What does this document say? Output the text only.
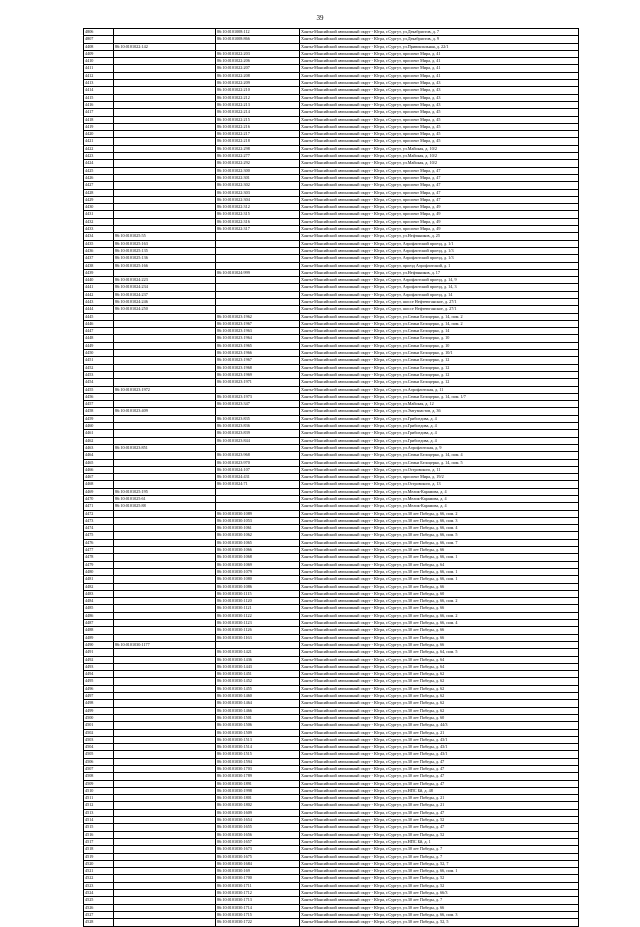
39
4806		86:10:0101008:112	Ханты-Мансийский автономный округ - Югра, г.Сургут, ул.Декабристов, д. 7
4807		86:10:0101008:866	Ханты-Мансийский автономный округ - Югра, г.Сургут, ул.Декабристов, д. 9
4408	86:10:0101022:142		Ханты-Мансийский автономный округ - Югра, г.Сургут, ул.Привокзальная, д. 22/1
4409		86:10:0101022:203	Ханты-Мансийский автономный округ - Югра, г.Сургут, проспект Мира, д. 41
4410		86:10:0101022:206	Ханты-Мансийский автономный округ - Югра, г.Сургут, проспект Мира, д. 41
4411		86:10:0101022:207	Ханты-Мансийский автономный округ - Югра, г.Сургут, проспект Мира, д. 41
4412		86:10:0101022:208	Ханты-Мансийский автономный округ - Югра, г.Сургут, проспект Мира, д. 41
4413		86:10:0101022:209	Ханты-Мансийский автономный округ - Югра, г.Сургут, проспект Мира, д. 43
4414		86:10:0101022:210	Ханты-Мансийский автономный округ - Югра, г.Сургут, проспект Мира, д. 43
4415		86:10:0101022:212	Ханты-Мансийский автономный округ - Югра, г.Сургут, проспект Мира, д. 43
4416		86:10:0101022:213	Ханты-Мансийский автономный округ - Югра, г.Сургут, проспект Мира, д. 43
4417		86:10:0101022:214	Ханты-Мансийский автономный округ - Югра, г.Сургут, проспект Мира, д. 45
4418		86:10:0101022:215	Ханты-Мансийский автономный округ - Югра, г.Сургут, проспект Мира, д. 45
4419		86:10:0101022:216	Ханты-Мансийский автономный округ - Югра, г.Сургут, проспект Мира, д. 45
4420		86:10:0101022:217	Ханты-Мансийский автономный округ - Югра, г.Сургут, проспект Мира, д. 45
4421		86:10:0101022:218	Ханты-Мансийский автономный округ - Югра, г.Сургут, проспект Мира, д. 45
4422		86:10:0101022:298	Ханты-Мансийский автономный округ - Югра, г.Сургут, ул.Майская, д. 10/2
4423		86:10:0101022:277	Ханты-Мансийский автономный округ - Югра, г.Сургут, ул.Майская, д. 10/2
4424		86:10:0101022:292	Ханты-Мансийский автономный округ - Югра, г.Сургут, ул.Майская, д. 10/2
4425		86:10:0101022:300	Ханты-Мансийский автономный округ - Югра, г.Сургут, проспект Мира, д. 47
4426		86:10:0101022:301	Ханты-Мансийский автономный округ - Югра, г.Сургут, проспект Мира, д. 47
4427		86:10:0101022:302	Ханты-Мансийский автономный округ - Югра, г.Сургут, проспект Мира, д. 47
4428		86:10:0101022:303	Ханты-Мансийский автономный округ - Югра, г.Сургут, проспект Мира, д. 47
4429		86:10:0101022:304	Ханты-Мансийский автономный округ - Югра, г.Сургут, проспект Мира, д. 47
4430		86:10:0101022:312	Ханты-Мансийский автономный округ - Югра, г.Сургут, проспект Мира, д. 49
4431		86:10:0101022:315	Ханты-Мансийский автономный округ - Югра, г.Сургут, проспект Мира, д. 49
4432		86:10:0101022:316	Ханты-Мансийский автономный округ - Югра, г.Сургут, проспект Мира, д. 49
4433		86:10:0101022:317	Ханты-Мансийский автономный округ - Югра, г.Сургут, проспект Мира, д. 49
4434	86:10:0101025:55		Ханты-Мансийский автономный округ - Югра, г.Сургут, ул.Нефтяников, д. 25
4435	86:10:0101025:163		Ханты-Мансийский автономный округ - Югра, г.Сургут, Аэрофлотский проезд, д. 1/1
4436	86:10:0101025:135		Ханты-Мансийский автономный округ - Югра, г.Сургут, Аэрофлотский проезд, д. 1/3
4437	86:10:0101025:136		Ханты-Мансийский автономный округ - Югра, г.Сургут, Аэрофлотский проезд, д. 1/3
4438	86:10:0101025:166		Ханты-Мансийский автономный округ - Югра, г.Сургут, проезд Аэрофлотский, д. 1
4439		86:10:0101024:999	Ханты-Мансийский автономный округ - Югра, г.Сургут, ул.Нефтяников, д. 17
4440	86:10:0101024:223		Ханты-Мансийский автономный округ - Югра, г.Сургут, Аэрофлотский проезд, д. 14, 9
4441	86:10:0101024:234		Ханты-Мансийский автономный округ - Югра, г.Сургут, Аэрофлотский проезд, д. 14, 3
4442	86:10:0101024:237		Ханты-Мансийский автономный округ - Югра, г.Сургут, Аэрофлотский проезд, д. 14
4443	86:10:0101024:246		Ханты-Мансийский автономный округ - Югра, г.Сургут, шоссе Нефтеюганское, д. 27/1
4444	86:10:0101024:250		Ханты-Мансийский автономный округ - Югра, г.Сургут, шоссе Нефтеюганское, д. 27/1
4445		86:10:0101023:1962	Ханты-Мансийский автономный округ - Югра, г.Сургут, ул.Семьи Белоцерко, д. 14, пом. 2
4446		86:10:0101023:1967	Ханты-Мансийский автономный округ - Югра, г.Сургут, ул.Семьи Белоцерко, д. 14, пом. 2
4447		86:10:0101023:1963	Ханты-Мансийский автономный округ - Югра, г.Сургут, ул.Семьи Белоцерко, д. 14
4448		86:10:0101023:1964	Ханты-Мансийский автономный округ - Югра, г.Сургут, ул.Семьи Белоцерко, д. 10
4449		86:10:0101023:1965	Ханты-Мансийский автономный округ - Югра, г.Сургут, ул.Семьи Белоцерко, д. 10
4450		86:10:0101023:1966	Ханты-Мансийский автономный округ - Югра, г.Сургут, ул.Семьи Белоцерко, д. 10/1
4451		86:10:0101023:1967	Ханты-Мансийский автономный округ - Югра, г.Сургут, ул.Семьи Белоцерко, д. 12
4452		86:10:0101023:1968	Ханты-Мансийский автономный округ - Югра, г.Сургут, ул.Семьи Белоцерко, д. 12
4453		86:10:0101023:1969	Ханты-Мансийский автономный округ - Югра, г.Сургут, ул.Семьи Белоцерко, д. 12
4454		86:10:0101023:1971	Ханты-Мансийский автономный округ - Югра, г.Сургут, ул.Семьи Белоцерко, д. 12
4455	86:10:0101023:1972		Ханты-Мансийский автономный округ - Югра, г.Сургут, ул.Аэрофлотская, д. 11
4456		86:10:0101023:1973	Ханты-Мансийский автономный округ - Югра, г.Сургут, ул.Семьи Белоцерко, д. 14, пом. 1/7
4457		86:10:0101023:347	Ханты-Мансийский автономный округ - Югра, г.Сургут, ул.Майская, д. 12
4458	86:10:0101023:409		Ханты-Мансийский автономный округ - Югра, г.Сургут, ул.Энтузиастов, д. 36
4459		86:10:0101023:835	Ханты-Мансийский автономный округ - Югра, г.Сургут, ул.Грибоедова, д. 4
4460		86:10:0101023:836	Ханты-Мансийский автономный округ - Югра, г.Сургут, ул.Грибоедова, д. 4
4461		86:10:0101023:839	Ханты-Мансийский автономный округ - Югра, г.Сургут, ул.Грибоедова, д. 4
4462		86:10:0101023:844	Ханты-Мансийский автономный округ - Югра, г.Сургут, ул.Грибоедова, д. 4
4463	86:10:0101023:851		Ханты-Мансийский автономный округ - Югра, г.Сургут, ул.Аэрофлотская, д. 9
4464		86:10:0101023:968	Ханты-Мансийский автономный округ - Югра, г.Сургут, ул.Семьи Белоцерко, д. 14, пом. 4
4465		86:10:0101023:970	Ханты-Мансийский автономный округ - Югра, г.Сургут, ул.Семьи Белоцерко, д. 14, пом. 5
4466		86:10:0101024:107	Ханты-Мансийский автономный округ - Югра, г.Сургут, ул.Островского, д. 11
4467		86:10:0101024:431	Ханты-Мансийский автономный округ - Югра, г.Сургут, проспект Мира, д. 19/2
4468		86:10:0101024:71	Ханты-Мансийский автономный округ - Югра, г.Сургут, ул.Островского, д. 13
4469	86:10:0101025:195		Ханты-Мансийский автономный округ - Югра, г.Сургут, ул.Мелик-Карамова, д. 4
4470	86:10:0101025:61		Ханты-Мансийский автономный округ - Югра, г.Сургут, ул.Мелик-Карамова, д. 4
4471	86:10:0101025:88		Ханты-Мансийский автономный округ - Югра, г.Сургут, ул.Мелик-Карамова, д. 4
4472		86:10:0101030:1089	Ханты-Мансийский автономный округ - Югра, г.Сургут, ул.30 лет Победы, д. 66, пом. 2
4473		86:10:0101030:1053	Ханты-Мансийский автономный округ - Югра, г.Сургут, ул.30 лет Победы, д. 66, пом. 3
4474		86:10:0101030:1061	Ханты-Мансийский автономный округ - Югра, г.Сургут, ул.30 лет Победы, д. 66, пом. 4
4475		86:10:0101030:1062	Ханты-Мансийский автономный округ - Югра, г.Сургут, ул.30 лет Победы, д. 66, пом. 5
4476		86:10:0101030:1065	Ханты-Мансийский автономный округ - Югра, г.Сургут, ул.30 лет Победы, д. 66, пом. 7
4477		86:10:0101030:1066	Ханты-Мансийский автономный округ - Югра, г.Сургут, ул.30 лет Победы, д. 66
4478		86:10:0101030:1068	Ханты-Мансийский автономный округ - Югра, г.Сургут, ул.30 лет Победы, д. 66, пом. 1
4479		86:10:0101030:1069	Ханты-Мансийский автономный округ - Югра, г.Сургут, ул.30 лет Победы, д. 64
4480		86:10:0101030:1079	Ханты-Мансийский автономный округ - Югра, г.Сургут, ул.30 лет Победы, д. 66, пом. 1
4481		86:10:0101030:1080	Ханты-Мансийский автономный округ - Югра, г.Сургут, ул.30 лет Победы, д. 66, пом. 1
4482		86:10:0101030:1086	Ханты-Мансийский автономный округ - Югра, г.Сургут, ул.30 лет Победы, д. 66
4483		86:10:0101030:1115	Ханты-Мансийский автономный округ - Югра, г.Сургут, ул.30 лет Победы, д. 60
4484		86:10:0101030:1120	Ханты-Мансийский автономный округ - Югра, г.Сургут, ул.30 лет Победы, д. 66, пом. 2
4485		86:10:0101030:1121	Ханты-Мансийский автономный округ - Югра, г.Сургут, ул.30 лет Победы, д. 66
4486		86:10:0101030:1122	Ханты-Мансийский автономный округ - Югра, г.Сургут, ул.30 лет Победы, д. 66, пом. 2
4487		86:10:0101030:1123	Ханты-Мансийский автономный округ - Югра, г.Сургут, ул.30 лет Победы, д. 66, пом. 4
4488		86:10:0101030:1126	Ханты-Мансийский автономный округ - Югра, г.Сургут, ул.30 лет Победы, д. 66
4489		86:10:0101030:1163	Ханты-Мансийский автономный округ - Югра, г.Сургут, ул.30 лет Победы, д. 66
4490	86:10:0101030:1177		Ханты-Мансийский автономный округ - Югра, г.Сургут, ул.30 лет Победы, д. 66
4491		86:10:0101030:1421	Ханты-Мансийский автономный округ - Югра, г.Сургут, ул.30 лет Победы, д. 64, пом. 5
4492		86:10:0101030:1436	Ханты-Мансийский автономный округ - Югра, г.Сургут, ул.30 лет Победы, д. 64
4493		86:10:0101030:1443	Ханты-Мансийский автономный округ - Югра, г.Сургут, ул.30 лет Победы, д. 64
4494		86:10:0101030:1451	Ханты-Мансийский автономный округ - Югра, г.Сургут, ул.30 лет Победы, д. 62
4495		86:10:0101030:1452	Ханты-Мансийский автономный округ - Югра, г.Сургут, ул.30 лет Победы, д. 62
4496		86:10:0101030:1455	Ханты-Мансийский автономный округ - Югра, г.Сургут, ул.30 лет Победы, д. 62
4497		86:10:0101030:1460	Ханты-Мансийский автономный округ - Югра, г.Сургут, ул.30 лет Победы, д. 62
4498		86:10:0101030:1464	Ханты-Мансийский автономный округ - Югра, г.Сургут, ул.30 лет Победы, д. 62
4499		86:10:0101030:1466	Ханты-Мансийский автономный округ - Югра, г.Сургут, ул.30 лет Победы, д. 62
4500		86:10:0101030:1501	Ханты-Мансийский автономный округ - Югра, г.Сургут, ул.30 лет Победы, д. 60
4501		86:10:0101030:1506	Ханты-Мансийский автономный округ - Югра, г.Сургут, ул.30 лет Победы, д. 44/3
4502		86:10:0101030:1509	Ханты-Мансийский автономный округ - Югра, г.Сургут, ул.30 лет Победы, д. 21
4503		86:10:0101030:1513	Ханты-Мансийский автономный округ - Югра, г.Сургут, ул.30 лет Победы, д. 43/1
4504		86:10:0101030:1514	Ханты-Мансийский автономный округ - Югра, г.Сургут, ул.30 лет Победы, д. 43/1
4505		86:10:0101030:1515	Ханты-Мансийский автономный округ - Югра, г.Сургут, ул.30 лет Победы, д. 43/1
4506		86:10:0101030:1594	Ханты-Мансийский автономный округ - Югра, г.Сургут, ул.30 лет Победы, д. 47
4507		86:10:0101030:1703	Ханты-Мансийский автономный округ - Югра, г.Сургут, ул.30 лет Победы, д. 47
4508		86:10:0101030:1789	Ханты-Мансийский автономный округ - Югра, г.Сургут, ул.30 лет Победы, д. 47
4509		86:10:0101030:1891	Ханты-Мансийский автономный округ - Югра, г.Сургут, ул.30 лет Победы, д. 47
4510		86:10:0101030:1998	Ханты-Мансийский автономный округ - Югра, г.Сургут, ул.НПС Бй, д. 48
4511		86:10:0101030:1801	Ханты-Мансийский автономный округ - Югра, г.Сургут, ул.30 лет Победы, д. 21
4512		86:10:0101030:1802	Ханты-Мансийский автономный округ - Югра, г.Сургут, ул.30 лет Победы, д. 21
4513		86:10:0101030:1609	Ханты-Мансийский автономный округ - Югра, г.Сургут, ул.30 лет Победы, д. 47
4514		86:10:0101030:1654	Ханты-Мансийский автономный округ - Югра, г.Сургут, ул.30 лет Победы, д. 52
4515		86:10:0101030:1655	Ханты-Мансийский автономный округ - Югра, г.Сургут, ул.30 лет Победы, д. 47
4516		86:10:0101030:1656	Ханты-Мансийский автономный округ - Югра, г.Сургут, ул.30 лет Победы, д. 52
4517		86:10:0101030:1657	Ханты-Мансийский автономный округ - Югра, г.Сургут, ул.НПС Бй, д. 1
4518		86:10:0101030:1673	Ханты-Мансийский автономный округ - Югра, г.Сургут, ул.30 лет Победы, д. 7
4519		86:10:0101030:1675	Ханты-Мансийский автономный округ - Югра, г.Сургут, ул.30 лет Победы, д. 7
4520		86:10:0101030:1684	Ханты-Мансийский автономный округ - Югра, г.Сургут, ул.30 лет Победы, д. 52, 7
4521		86:10:0101030:169	Ханты-Мансийский автономный округ - Югра, г.Сургут, ул.30 лет Победы, д. 66, пом. 1
4522		86:10:0101030:1700	Ханты-Мансийский автономный округ - Югра, г.Сургут, ул.30 лет Победы, д. 52
4523		86:10:0101030:1711	Ханты-Мансийский автономный округ - Югра, г.Сургут, ул.30 лет Победы, д. 52
4524		86:10:0101030:1712	Ханты-Мансийский автономный округ - Югра, г.Сургут, ул.30 лет Победы, д. 66/3
4525		86:10:0101030:1713	Ханты-Мансийский автономный округ - Югра, г.Сургут, ул.30 лет Победы, д. 7
4526		86:10:0101030:1714	Ханты-Мансийский автономный округ - Югра, г.Сургут, ул.30 лет Победы, д. 66
4527		86:10:0101030:1715	Ханты-Мансийский автономный округ - Югра, г.Сургут, ул.30 лет Победы, д. 66, пом. 3
4528		86:10:0101030:1722	Ханты-Мансийский автономный округ - Югра, г.Сургут, ул.30 лет Победы, д. 52, 5
